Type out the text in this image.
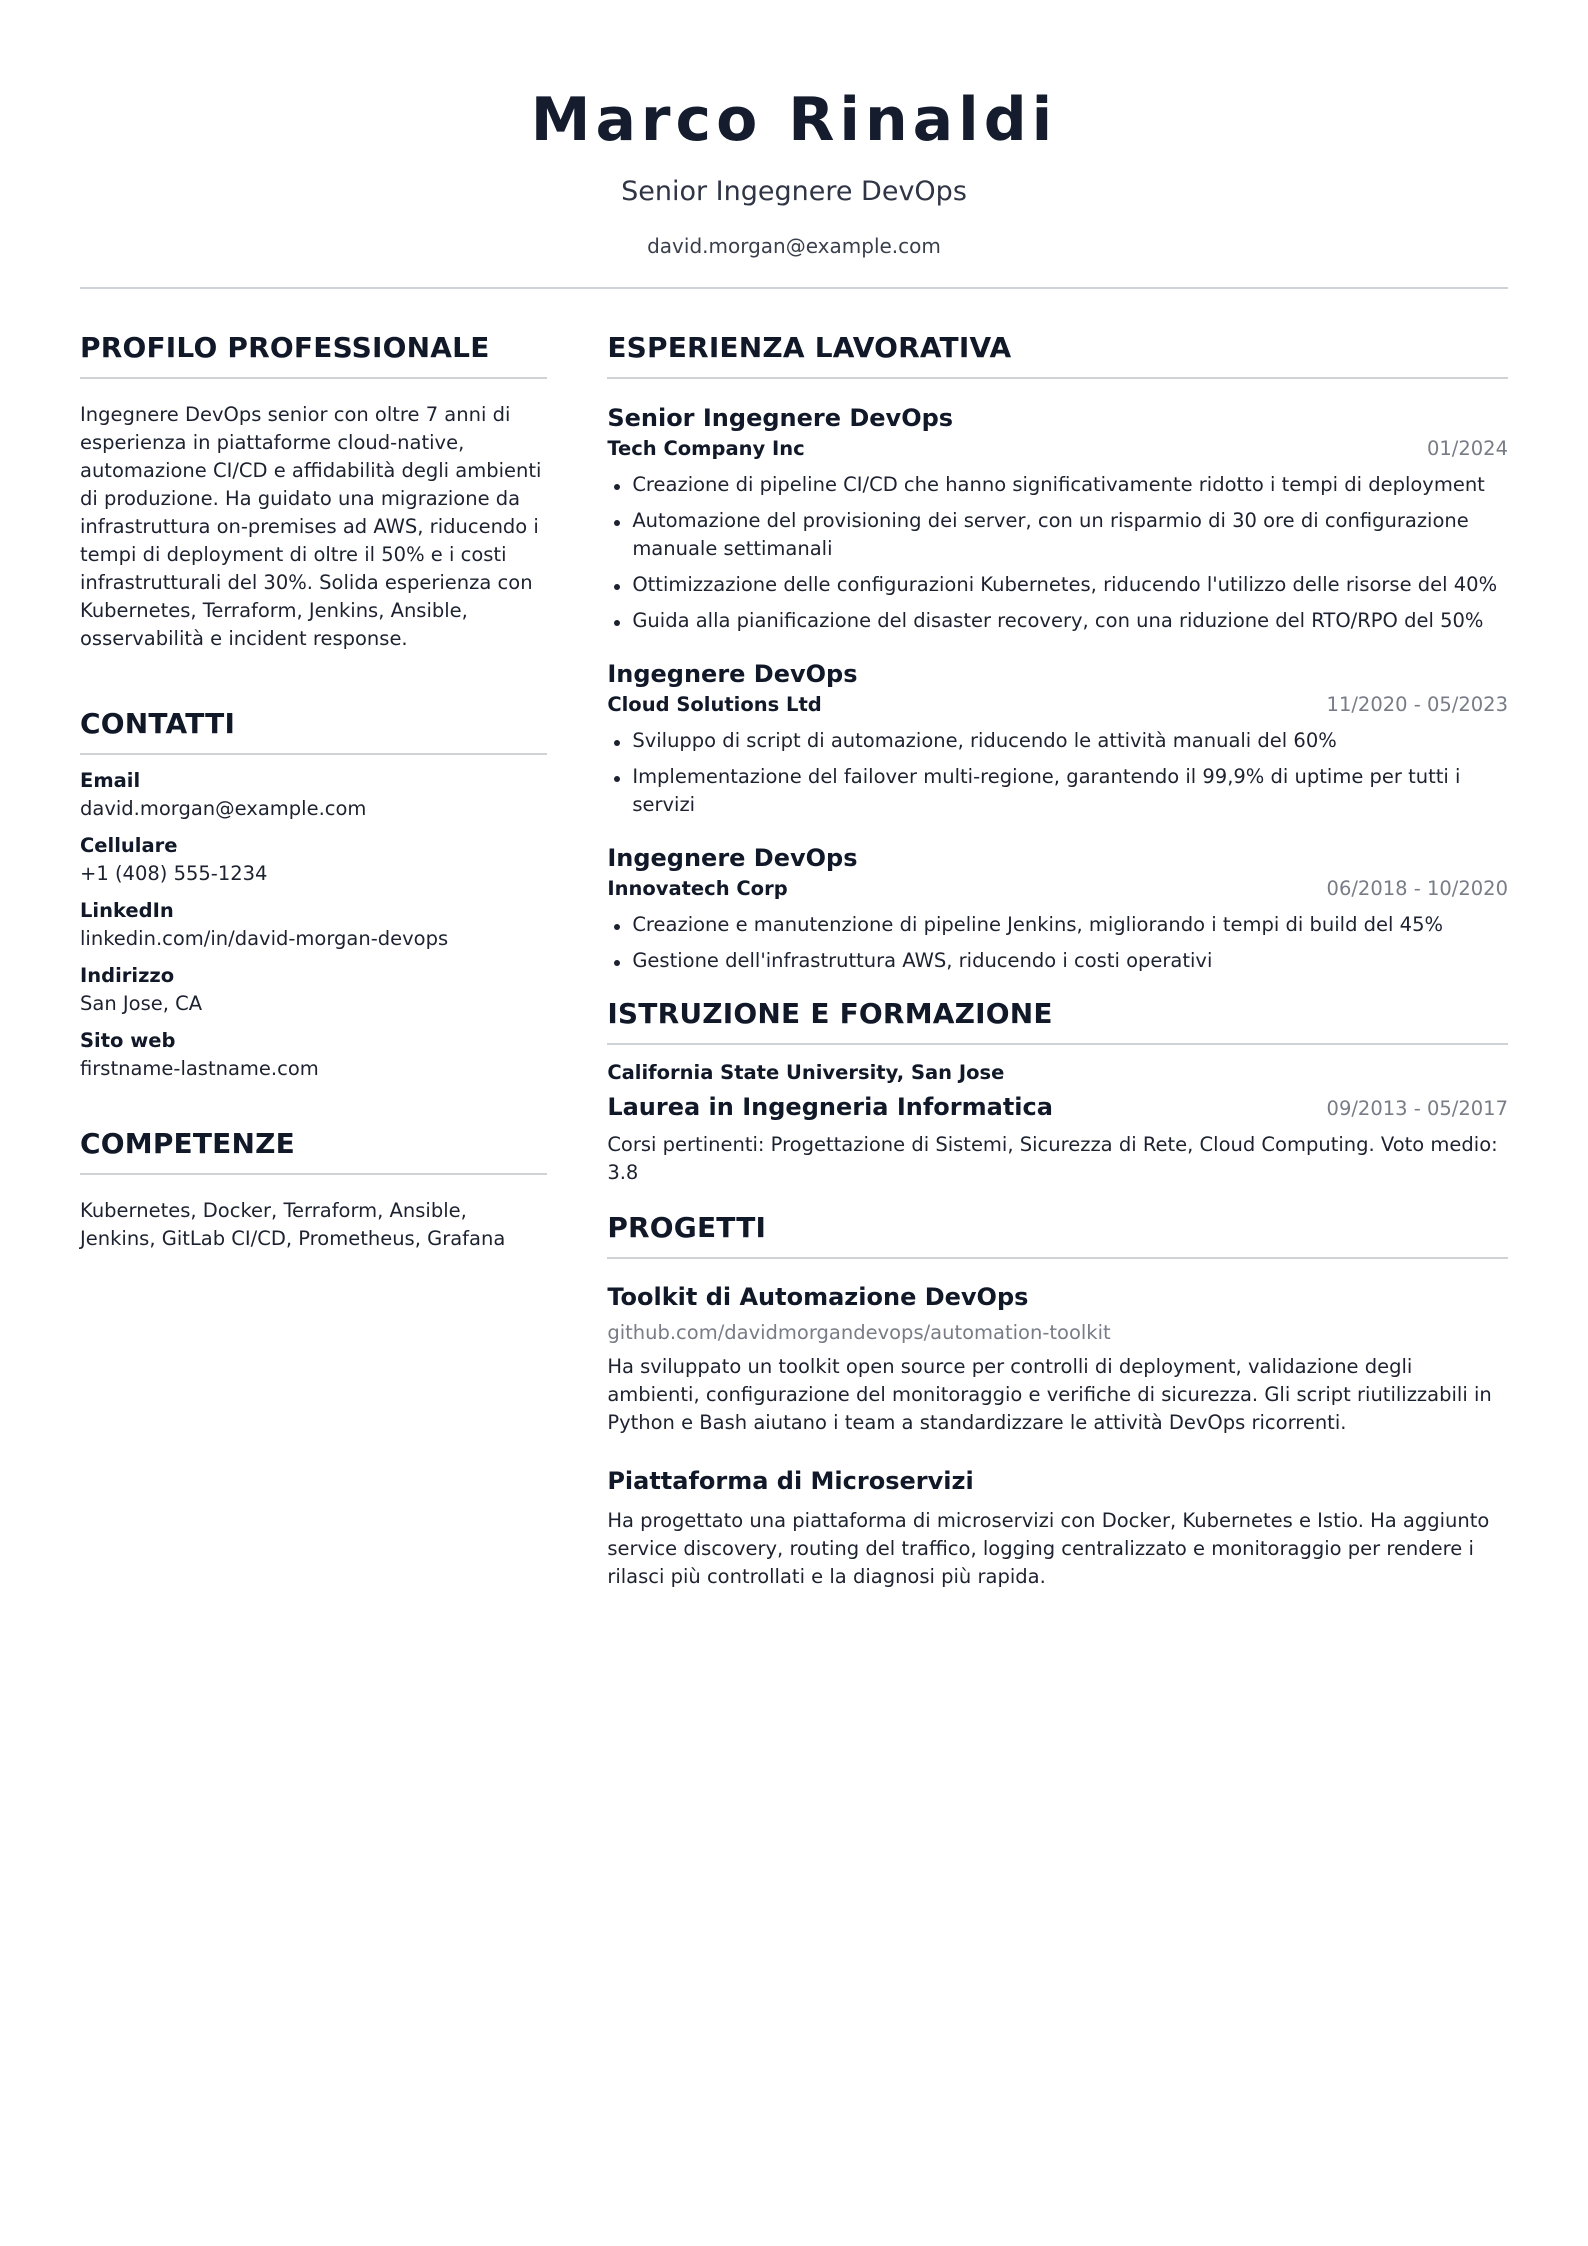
Marco Rinaldi
Senior Ingegnere DevOps
david.morgan@example.com
PROFILO PROFESSIONALE

Ingegnere DevOps senior con oltre 7 anni di esperienza in piattaforme cloud-native, automazione CI/CD e affidabilità degli ambienti di produzione. Ha guidato una migrazione da infrastruttura on-premises ad AWS, riducendo i tempi di deployment di oltre il 50% e i costi infrastrutturali del 30%. Solida esperienza con Kubernetes, Terraform, Jenkins, Ansible, osservabilità e incident response.

CONTATTI
Email
david.morgan@example.com
Cellulare
+1 (408) 555-1234
LinkedIn
linkedin.com/in/david-morgan-devops
Indirizzo
San Jose, CA
Sito web
firstname-lastname.com
COMPETENZE

Kubernetes, Docker, Terraform, Ansible, Jenkins, GitLab CI/CD, Prometheus, Grafana

ESPERIENZA LAVORATIVA
Senior Ingegnere DevOps
Tech Company Inc	01/2024
Creazione di pipeline CI/CD che hanno significativamente ridotto i tempi di deployment
Automazione del provisioning dei server, con un risparmio di 30 ore di configurazione manuale settimanali
Ottimizzazione delle configurazioni Kubernetes, riducendo l'utilizzo delle risorse del 40%
Guida alla pianificazione del disaster recovery, con una riduzione del RTO/RPO del 50%
Ingegnere DevOps
Cloud Solutions Ltd	11/2020 - 05/2023
Sviluppo di script di automazione, riducendo le attività manuali del 60%
Implementazione del failover multi-regione, garantendo il 99,9% di uptime per tutti i servizi
Ingegnere DevOps
Innovatech Corp	06/2018 - 10/2020
Creazione e manutenzione di pipeline Jenkins, migliorando i tempi di build del 45%
Gestione dell'infrastruttura AWS, riducendo i costi operativi
ISTRUZIONE E FORMAZIONE
California State University, San Jose
Laurea in Ingegneria Informatica	09/2013 - 05/2017

Corsi pertinenti: Progettazione di Sistemi, Sicurezza di Rete, Cloud Computing. Voto medio: 3.8

PROGETTI
Toolkit di Automazione DevOps
github.com/davidmorgandevops/automation-toolkit

Ha sviluppato un toolkit open source per controlli di deployment, validazione degli ambienti, configurazione del monitoraggio e verifiche di sicurezza. Gli script riutilizzabili in Python e Bash aiutano i team a standardizzare le attività DevOps ricorrenti.

Piattaforma di Microservizi

Ha progettato una piattaforma di microservizi con Docker, Kubernetes e Istio. Ha aggiunto service discovery, routing del traffico, logging centralizzato e monitoraggio per rendere i rilasci più controllati e la diagnosi più rapida.
